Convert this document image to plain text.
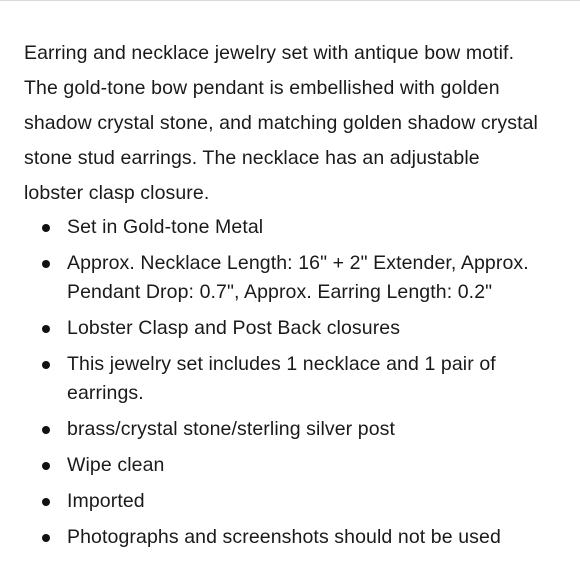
Earring and necklace jewelry set with antique bow motif. The gold-tone bow pendant is embellished with golden shadow crystal stone, and matching golden shadow crystal stone stud earrings. The necklace has an adjustable lobster clasp closure.

Set in Gold-tone Metal
Approx. Necklace Length: 16" + 2" Extender, Approx. Pendant Drop: 0.7", Approx. Earring Length: 0.2"
Lobster Clasp and Post Back closures
This jewelry set includes 1 necklace and 1 pair of earrings.
brass/crystal stone/sterling silver post
Wipe clean
Imported
Photographs and screenshots should not be used
